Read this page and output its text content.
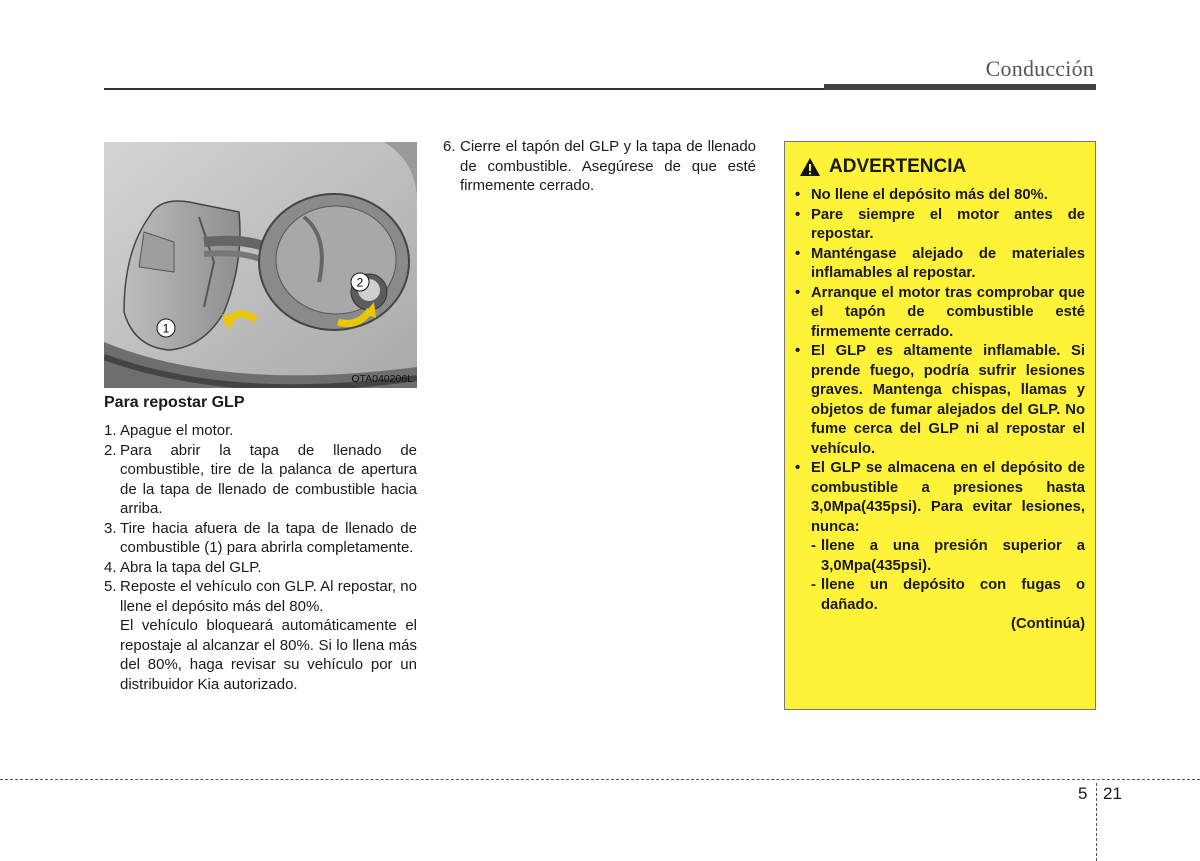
Conducción
1
2
OTA040206L
Para repostar GLP
1. Apague el motor.

2. Para abrir la tapa de llenado de combustible, tire de la palanca de apertura de la tapa de llenado de combustible hacia arriba.

3. Tire hacia afuera de la tapa de llenado de combustible (1) para abrirla completamente.

4. Abra la tapa del GLP.

5. Reposte el vehículo con GLP. Al repostar, no llene el depósito más del 80%.

El vehículo bloqueará automáticamente el repostaje al alcanzar el 80%. Si lo llena más del 80%, haga revisar su vehículo por un distribuidor Kia autorizado.

6. Cierre el tapón del GLP y la tapa de llenado de combustible. Asegúrese de que esté firmemente cerrado.
ADVERTENCIA
• No llene el depósito más del 80%.
• Pare siempre el motor antes de repostar.
• Manténgase alejado de materiales inflamables al repostar.
• Arranque el motor tras comprobar que el tapón de combustible esté firmemente cerrado.
• El GLP es altamente inflamable. Si prende fuego, podría sufrir lesiones graves. Mantenga chispas, llamas y objetos de fumar alejados del GLP. No fume cerca del GLP ni al repostar el vehículo.
• El GLP se almacena en el depósito de combustible a presiones hasta 3,0Mpa(435psi). Para evitar lesiones, nunca:
- llene a una presión superior a 3,0Mpa(435psi).
- llene un depósito con fugas o dañado.
(Continúa)
5 21
